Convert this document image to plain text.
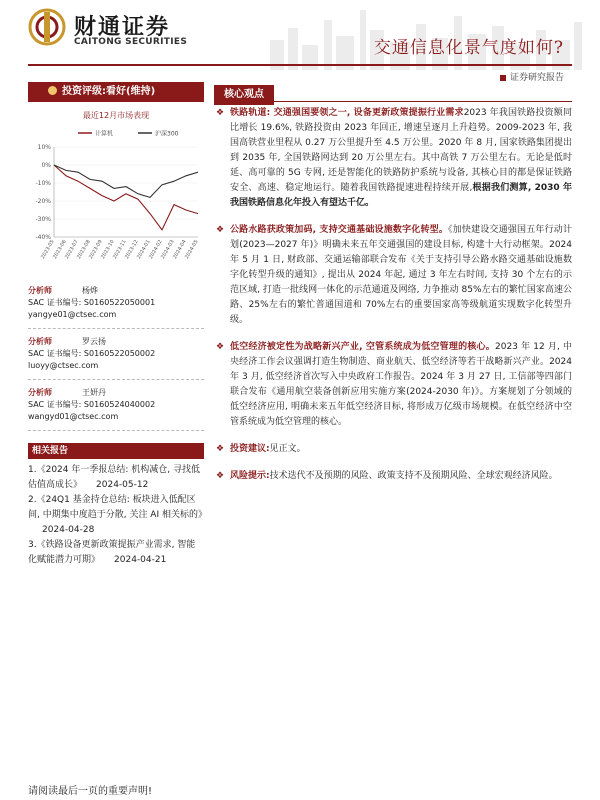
财通证券
CAITONG SECURITIES	交通信息化景气度如何?
证券研究报告
投资评级:看好(维持)
最近12月市场表现
计算机	沪深300
10%
0%
-10%
-20%
-30%
-40%
2023-05
2023-06
2023-07
2023-08
2023-09
2023-10
2023-11
2023-12
2024-01
2024-02
2024-03
2024-04
2024-05
分析师	杨烨
SAC 证书编号: S0160522050001
yangye01@ctsec.com
分析师	罗云扬
SAC 证书编号: S0160522050002
luoyy@ctsec.com
分析师	王妍丹
SAC 证书编号: S0160524040002
wangyd01@ctsec.com
相关报告
1.《2024 年一季报总结: 机构减仓, 寻找低估值高成长》 2024-05-12
2.《24Q1 基金持仓总结: 板块进入低配区间, 中期集中度趋于分散, 关注 AI 相关标的》2024-04-28
3.《铁路设备更新政策提振产业需求, 智能化赋能潜力可期》 2024-04-21
核心观点
❖ 铁路轨道: 交通强国要领之一, 设备更新政策提振行业需求2023 年我国铁路投资额同比增长 19.6%, 铁路投资由 2023 年回正, 增速呈逐月上升趋势。2009-2023 年, 我国高铁营业里程从 0.27 万公里提升至 4.5 万公里。2020 年 8 月, 国家铁路集团提出到 2035 年, 全国铁路网达到 20 万公里左右。其中高铁 7 万公里左右。无论是低时延、高可靠的 5G 专网, 还是智能化的铁路防护系统与设备, 其核心目的都是保证铁路安全、高速、稳定地运行。随着我国铁路提速进程持续开展,根据我们测算, 2030 年我国铁路信息化年投入有望达千亿。
❖ 公路水路获政策加码, 支持交通基础设施数字化转型。《加快建设交通强国五年行动计划(2023—2027 年)》明确未来五年交通强国的建设目标, 构建十大行动框架。2024 年 5 月 1 日, 财政部、交通运输部联合发布《关于支持引导公路水路交通基础设施数字化转型升级的通知》, 提出从 2024 年起, 通过 3 年左右时间, 支持 30 个左右的示范区域, 打造一批线网一体化的示范通道及网络, 力争推动 85%左右的繁忙国家高速公路、25%左右的繁忙普通国道和 70%左右的重要国家高等级航道实现数字化转型升级。
❖ 低空经济被定性为战略新兴产业, 空管系统成为低空管理的核心。2023 年 12 月, 中央经济工作会议强调打造生物制造、商业航天、低空经济等若干战略新兴产业。2024 年 3 月, 低空经济首次写入中央政府工作报告。2024 年 3 月 27 日, 工信部等四部门联合发布《通用航空装备创新应用实施方案(2024-2030 年)》。方案规划了分领域的低空经济应用, 明确未来五年低空经济目标, 将形成万亿级市场规模。在低空经济中空管系统成为低空管理的核心。
❖ 投资建议:见正文。
❖ 风险提示:技术迭代不及预期的风险、政策支持不及预期风险、全球宏观经济风险。
请阅读最后一页的重要声明!
